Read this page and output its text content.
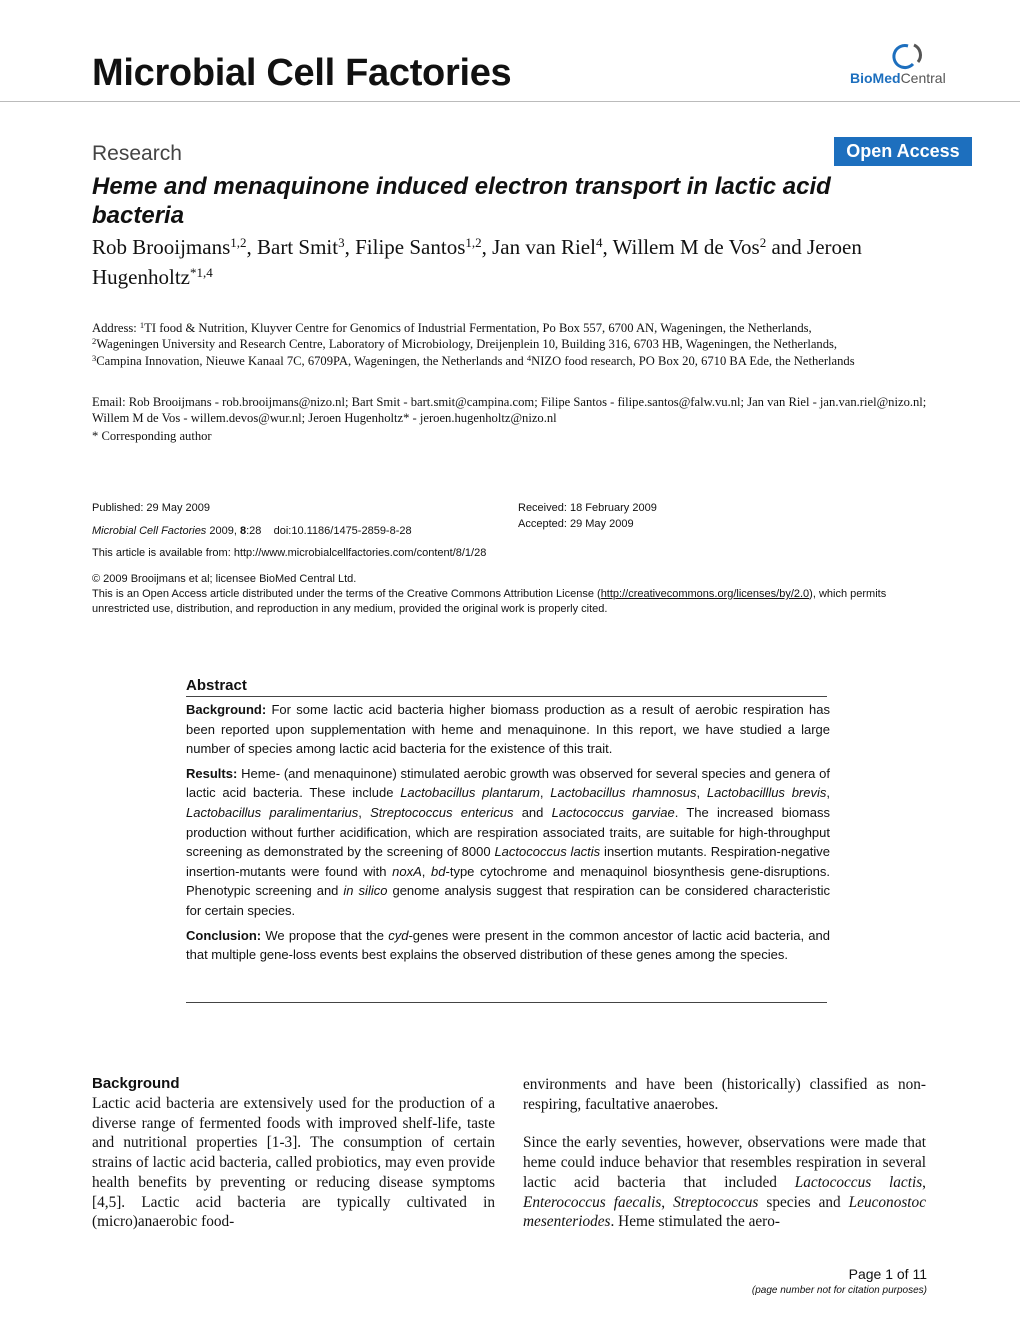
Microbial Cell Factories	BioMedCentral
Research	Open Access
Heme and menaquinone induced electron transport in lactic acid bacteria
Rob Brooijmans$^{1,2}$, Bart Smit$^3$, Filipe Santos$^{1,2}$, Jan van Riel$^4$, Willem M de Vos$^2$ and Jeroen Hugenholtz$^{*1,4}$
Address: $^1$TI food & Nutrition, Kluyver Centre for Genomics of Industrial Fermentation, Po Box 557, 6700 AN, Wageningen, the Netherlands,
$^2$Wageningen University and Research Centre, Laboratory of Microbiology, Dreijenplein 10, Building 316, 6703 HB, Wageningen, the Netherlands,
$^3$Campina Innovation, Nieuwe Kanaal 7C, 6709PA, Wageningen, the Netherlands and $^4$NIZO food research, PO Box 20, 6710 BA Ede, the Netherlands
Email: Rob Brooijmans - rob.brooijmans@nizo.nl; Bart Smit - bart.smit@campina.com; Filipe Santos - filipe.santos@falw.vu.nl; Jan van Riel - jan.van.riel@nizo.nl; Willem M de Vos - willem.devos@wur.nl; Jeroen Hugenholtz* - jeroen.hugenholtz@nizo.nl
* Corresponding author
Published: 29 May 2009
Microbial Cell Factories 2009, 8:28    doi:10.1186/1475-2859-8-28
Received: 18 February 2009
Accepted: 29 May 2009
This article is available from: http://www.microbialcellfactories.com/content/8/1/28
© 2009 Brooijmans et al; licensee BioMed Central Ltd.
This is an Open Access article distributed under the terms of the Creative Commons Attribution License (http://creativecommons.org/licenses/by/2.0), which permits unrestricted use, distribution, and reproduction in any medium, provided the original work is properly cited.
Abstract

Background: For some lactic acid bacteria higher biomass production as a result of aerobic respiration has been reported upon supplementation with heme and menaquinone. In this report, we have studied a large number of species among lactic acid bacteria for the existence of this trait.

Results: Heme- (and menaquinone) stimulated aerobic growth was observed for several species and genera of lactic acid bacteria. These include Lactobacillus plantarum, Lactobacillus rhamnosus, Lactobacilllus brevis, Lactobacillus paralimentarius, Streptococcus entericus and Lactococcus garviae. The increased biomass production without further acidification, which are respiration associated traits, are suitable for high-throughput screening as demonstrated by the screening of 8000 Lactococcus lactis insertion mutants. Respiration-negative insertion-mutants were found with noxA, bd-type cytochrome and menaquinol biosynthesis gene-disruptions. Phenotypic screening and in silico genome analysis suggest that respiration can be considered characteristic for certain species.

Conclusion: We propose that the cyd-genes were present in the common ancestor of lactic acid bacteria, and that multiple gene-loss events best explains the observed distribution of these genes among the species.

Background
Lactic acid bacteria are extensively used for the production of a diverse range of fermented foods with improved shelf-life, taste and nutritional properties [1-3]. The consumption of certain strains of lactic acid bacteria, called probiotics, may even provide health benefits by preventing or reducing disease symptoms [4,5]. Lactic acid bacteria are typically cultivated in (micro)anaerobic food-

environments and have been (historically) classified as non-respiring, facultative anaerobes.

Since the early seventies, however, observations were made that heme could induce behavior that resembles respiration in several lactic acid bacteria that included Lactococcus lactis, Enterococcus faecalis, Streptococcus species and Leuconostoc mesenteriodes. Heme stimulated the aero-

Page 1 of 11
(page number not for citation purposes)
